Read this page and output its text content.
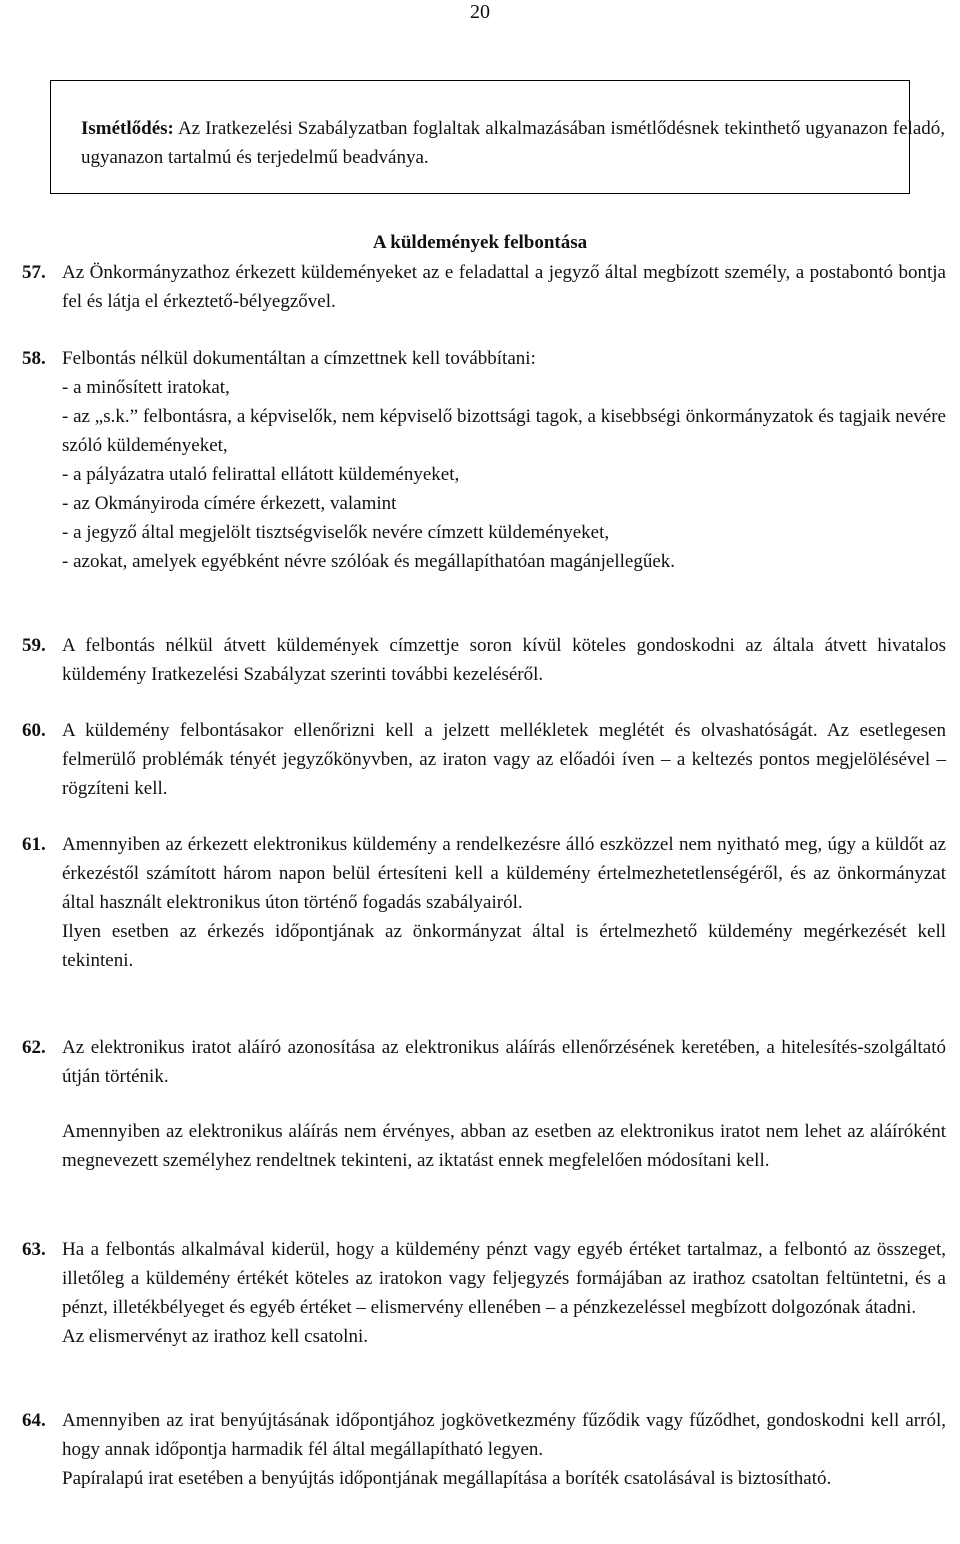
20
Ismétlődés: Az Iratkezelési Szabályzatban foglaltak alkalmazásában ismétlődésnek tekinthető ugyanazon feladó, ugyanazon tartalmú és terjedelmű beadványa.
A küldemények felbontása
57. Az Önkormányzathoz érkezett küldeményeket az e feladattal a jegyző által megbízott személy, a postabontó bontja fel és látja el érkeztető-bélyegzővel.
58. Felbontás nélkül dokumentáltan a címzettnek kell továbbítani:
- a minősített iratokat,
- az „s.k.” felbontásra, a képviselők, nem képviselő bizottsági tagok, a kisebbségi önkormányzatok és tagjaik nevére szóló küldeményeket,
- a pályázatra utaló felirattal ellátott küldeményeket,
- az Okmányiroda címére érkezett, valamint
- a jegyző által megjelölt tisztségviselők nevére címzett küldeményeket,
- azokat, amelyek egyébként névre szólóak és megállapíthatóan magánjellegűek.
59. A felbontás nélkül átvett küldemények címzettje soron kívül köteles gondoskodni az általa átvett hivatalos küldemény Iratkezelési Szabályzat szerinti további kezeléséről.
60. A küldemény felbontásakor ellenőrizni kell a jelzett mellékletek meglétét és olvashatóságát. Az esetlegesen felmerülő problémák tényét jegyzőkönyvben, az iraton vagy az előadói íven – a keltezés pontos megjelölésével – rögzíteni kell.
61. Amennyiben az érkezett elektronikus küldemény a rendelkezésre álló eszközzel nem nyitható meg, úgy a küldőt az érkezéstől számított három napon belül értesíteni kell a küldemény értelmezhetetlenségéről, és az önkormányzat által használt elektronikus úton történő fogadás szabályairól.
Ilyen esetben az érkezés időpontjának az önkormányzat által is értelmezhető küldemény megérkezését kell tekinteni.
62. Az elektronikus iratot aláíró azonosítása az elektronikus aláírás ellenőrzésének keretében, a hitelesítés-szolgáltató útján történik.
Amennyiben az elektronikus aláírás nem érvényes, abban az esetben az elektronikus iratot nem lehet az aláíróként megnevezett személyhez rendeltnek tekinteni, az iktatást ennek megfelelően módosítani kell.
63. Ha a felbontás alkalmával kiderül, hogy a küldemény pénzt vagy egyéb értéket tartalmaz, a felbontó az összeget, illetőleg a küldemény értékét köteles az iratokon vagy feljegyzés formájában az irathoz csatoltan feltüntetni, és a pénzt, illetékbélyeget és egyéb értéket – elismervény ellenében – a pénzkezeléssel megbízott dolgozónak átadni.
Az elismervényt az irathoz kell csatolni.
64. Amennyiben az irat benyújtásának időpontjához jogkövetkezmény fűződik vagy fűződhet, gondoskodni kell arról, hogy annak időpontja harmadik fél által megállapítható legyen.
Papíralapú irat esetében a benyújtás időpontjának megállapítása a boríték csatolásával is biztosítható.
